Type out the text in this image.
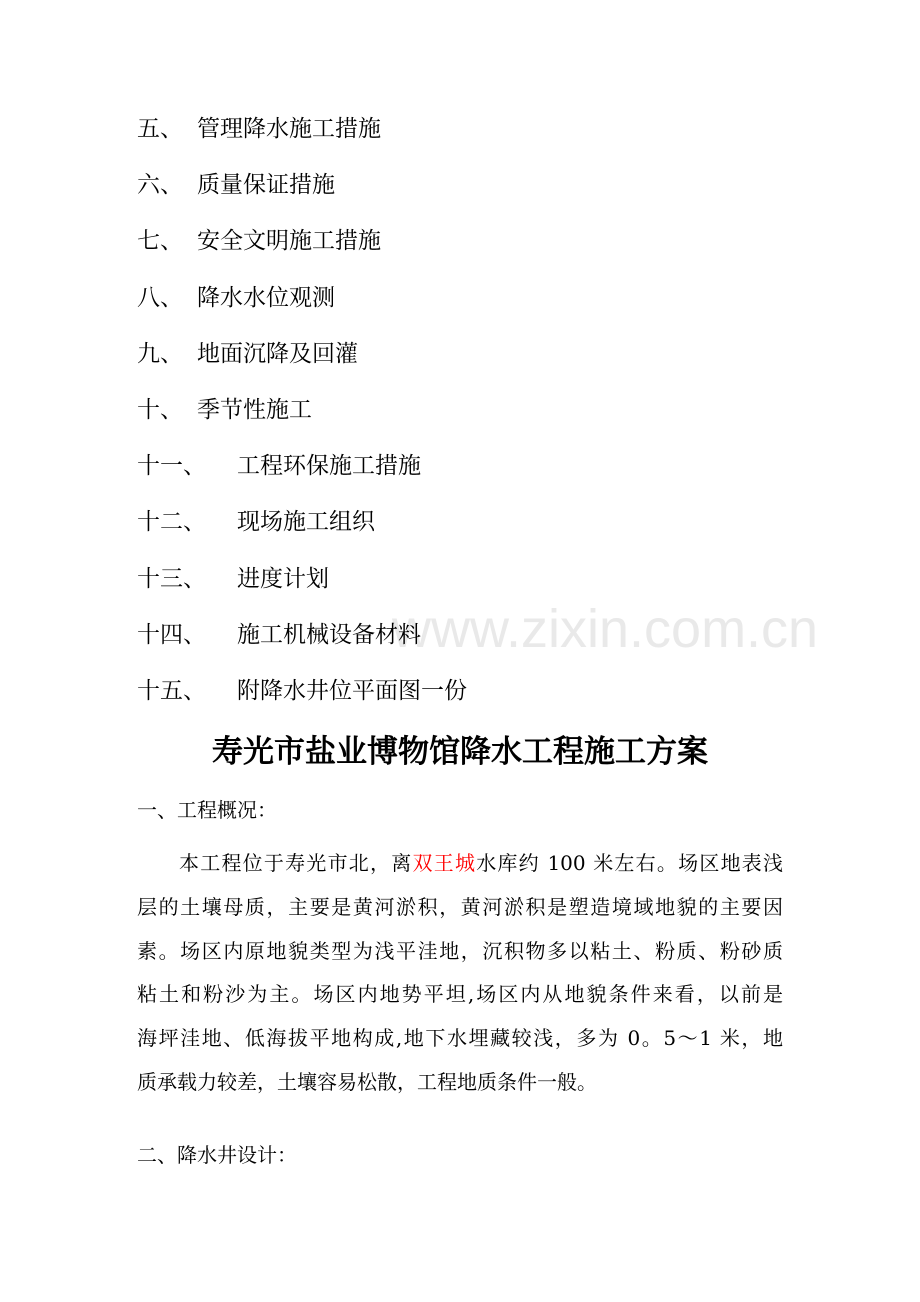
www.zixin.com.cn
五、 管理降水施工措施
六、 质量保证措施
七、 安全文明施工措施
八、 降水水位观测
九、 地面沉降及回灌
十、 季节性施工
十一、	工程环保施工措施
十二、	现场施工组织
十三、	进度计划
十四、	施工机械设备材料
十五、	附降水井位平面图一份
寿光市盐业博物馆降水工程施工方案
一、工程概况：
本工程位于寿光市北，离双王城水库约 100 米左右。场区地表浅
层的土壤母质，主要是黄河淤积，黄河淤积是塑造境域地貌的主要因
素。场区内原地貌类型为浅平洼地，沉积物多以粘土、粉质、粉砂质
粘土和粉沙为主。场区内地势平坦,场区内从地貌条件来看，以前是
海坪洼地、低海拔平地构成,地下水埋藏较浅，多为 0。5～1 米，地
质承载力较差，土壤容易松散，工程地质条件一般。
二、降水井设计：
